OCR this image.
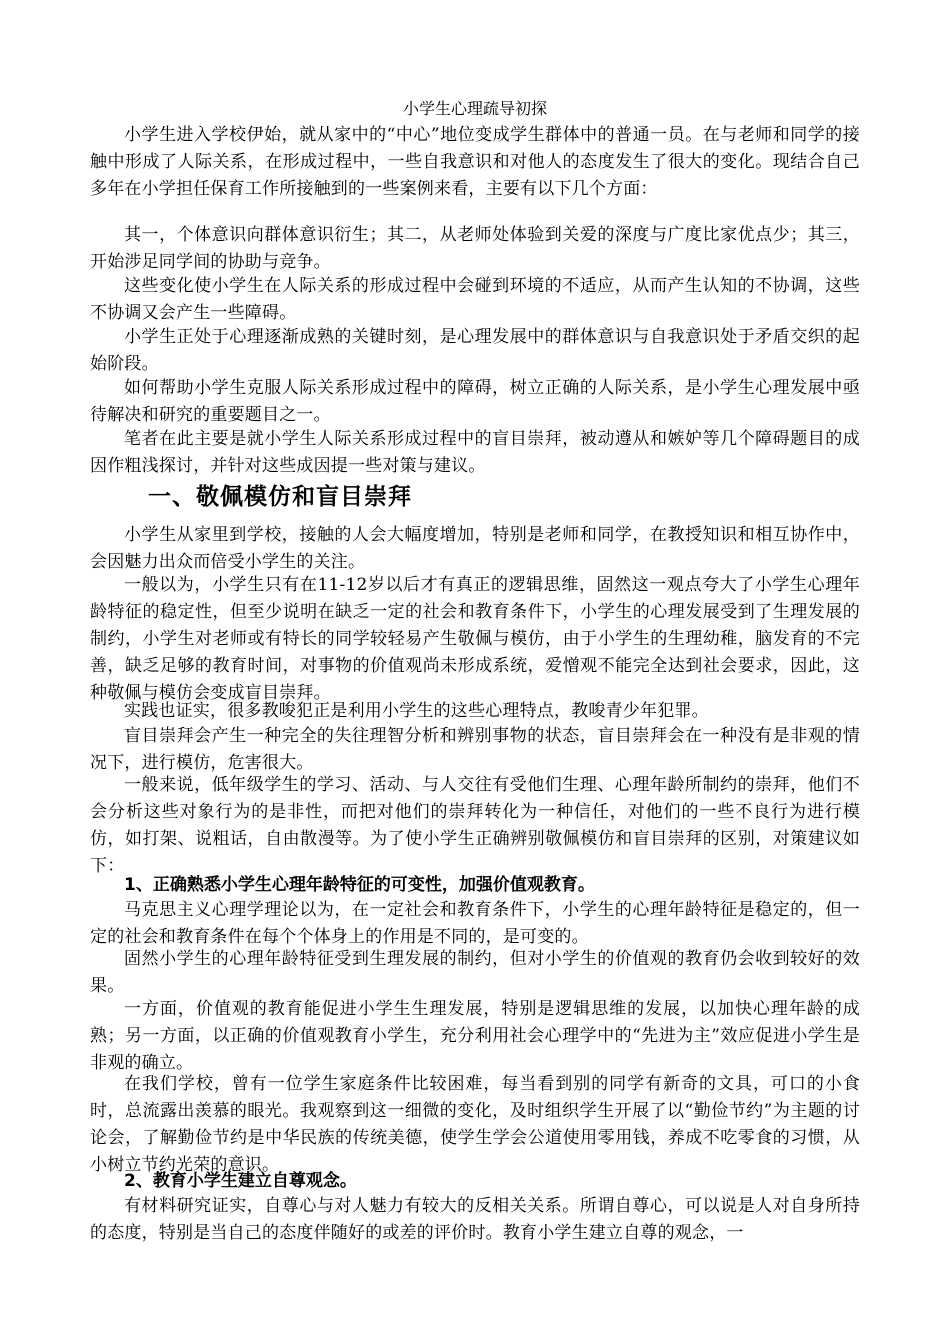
小学生心理疏导初探

小学生进入学校伊始，就从家中的“中心”地位变成学生群体中的普通一员。在与老师和同学的接触中形成了人际关系，在形成过程中，一些自我意识和对他人的态度发生了很大的变化。现结合自己多年在小学担任保育工作所接触到的一些案例来看，主要有以下几个方面：

其一，个体意识向群体意识衍生；其二，从老师处体验到关爱的深度与广度比家优点少；其三，开始涉足同学间的协助与竞争。

这些变化使小学生在人际关系的形成过程中会碰到环境的不适应，从而产生认知的不协调，这些不协调又会产生一些障碍。

小学生正处于心理逐渐成熟的关键时刻，是心理发展中的群体意识与自我意识处于矛盾交织的起始阶段。

如何帮助小学生克服人际关系形成过程中的障碍，树立正确的人际关系，是小学生心理发展中亟待解决和研究的重要题目之一。

笔者在此主要是就小学生人际关系形成过程中的盲目崇拜，被动遵从和嫉妒等几个障碍题目的成因作粗浅探讨，并针对这些成因提一些对策与建议。

一、敬佩模仿和盲目崇拜

小学生从家里到学校，接触的人会大幅度增加，特别是老师和同学，在教授知识和相互协作中，会因魅力出众而倍受小学生的关注。

一般以为，小学生只有在11-12岁以后才有真正的逻辑思维，固然这一观点夸大了小学生心理年龄特征的稳定性，但至少说明在缺乏一定的社会和教育条件下，小学生的心理发展受到了生理发展的制约，小学生对老师或有特长的同学较轻易产生敬佩与模仿，由于小学生的生理幼稚，脑发育的不完善，缺乏足够的教育时间，对事物的价值观尚未形成系统，爱憎观不能完全达到社会要求，因此，这种敬佩与模仿会变成盲目崇拜。

实践也证实，很多教唆犯正是利用小学生的这些心理特点，教唆青少年犯罪。

盲目崇拜会产生一种完全的失往理智分析和辨别事物的状态，盲目崇拜会在一种没有是非观的情况下，进行模仿，危害很大。

一般来说，低年级学生的学习、活动、与人交往有受他们生理、心理年龄所制约的崇拜，他们不会分析这些对象行为的是非性，而把对他们的崇拜转化为一种信任，对他们的一些不良行为进行模仿，如打架、说粗话，自由散漫等。为了使小学生正确辨别敬佩模仿和盲目崇拜的区别，对策建议如下：

1、正确熟悉小学生心理年龄特征的可变性，加强价值观教育。

马克思主义心理学理论以为，在一定社会和教育条件下，小学生的心理年龄特征是稳定的，但一定的社会和教育条件在每个个体身上的作用是不同的，是可变的。

固然小学生的心理年龄特征受到生理发展的制约，但对小学生的价值观的教育仍会收到较好的效果。

一方面，价值观的教育能促进小学生生理发展，特别是逻辑思维的发展，以加快心理年龄的成熟；另一方面，以正确的价值观教育小学生，充分利用社会心理学中的“先进为主”效应促进小学生是非观的确立。

在我们学校，曾有一位学生家庭条件比较困难，每当看到别的同学有新奇的文具，可口的小食时，总流露出羡慕的眼光。我观察到这一细微的变化，及时组织学生开展了以“勤俭节约”为主题的讨论会，了解勤俭节约是中华民族的传统美德，使学生学会公道使用零用钱，养成不吃零食的习惯，从小树立节约光荣的意识。

2、教育小学生建立自尊观念。

有材料研究证实，自尊心与对人魅力有较大的反相关关系。所谓自尊心，可以说是人对自身所持的态度，特别是当自己的态度伴随好的或差的评价时。教育小学生建立自尊的观念，一
